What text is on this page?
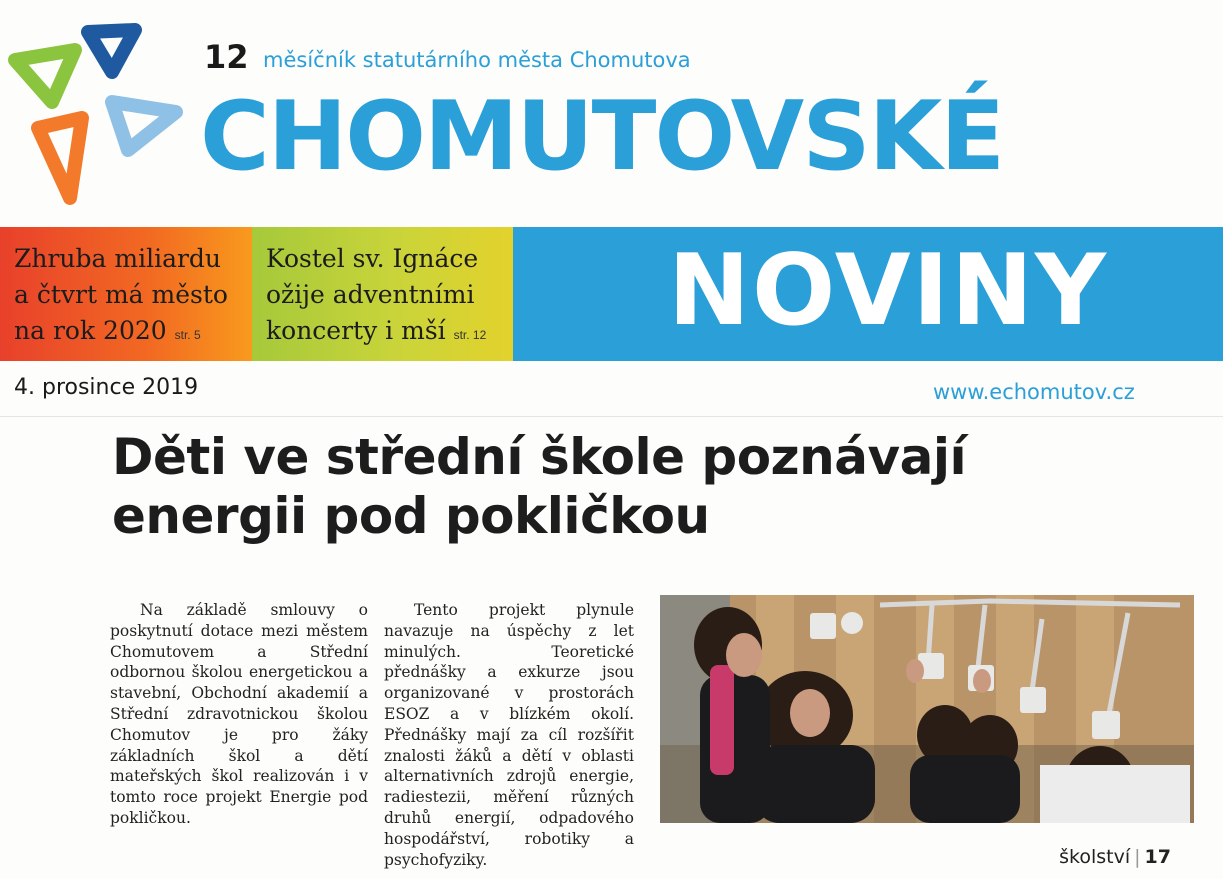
12 měsíčník statutárního města Chomutova
CHOMUTOVSKÉ
Zhruba miliardu
a čtvrt má město
na rok 2020 str. 5
Kostel sv. Ignáce
ožije adventními
koncerty i mší str. 12 NOVINY
4. prosince 2019	www.echomutov.cz
Děti ve střední škole poznávají energii pod pokličkou

Na základě smlouvy o poskytnutí dotace mezi městem Chomutovem a Střední odbornou školou energetickou a stavební, Obchodní akademií a Střední zdravotnickou školou Chomutov je pro žáky základních škol a dětí mateřských škol realizován i v tomto roce projekt Energie pod pokličkou.

Tento projekt plynule navazuje na úspěchy z let minulých. Teoretické přednášky a exkurze jsou organizované v prostorách ESOZ a v blízkém okolí. Přednášky mají za cíl rozšířit znalosti žáků a dětí v oblasti alternativních zdrojů energie, radiestezii, měření různých druhů energií, odpadového hospodářství, robotiky a psychofyziky.	školství | 17
